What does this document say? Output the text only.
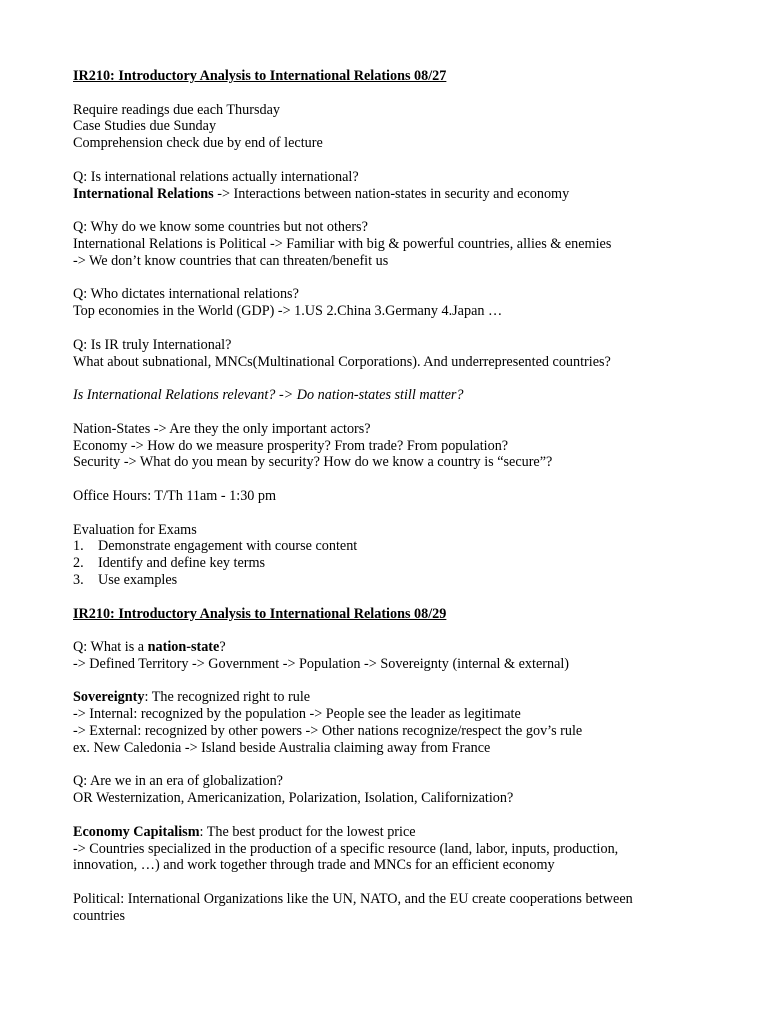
IR210: Introductory Analysis to International Relations 08/27
Require readings due each Thursday
Case Studies due Sunday
Comprehension check due by end of lecture
Q: Is international relations actually international?
International Relations -> Interactions between nation-states in security and economy
Q: Why do we know some countries but not others?
International Relations is Political -> Familiar with big & powerful countries, allies & enemies
-> We don’t know countries that can threaten/benefit us
Q: Who dictates international relations?
Top economies in the World (GDP) -> 1.US 2.China 3.Germany 4.Japan …
Q: Is IR truly International?
What about subnational, MNCs(Multinational Corporations). And underrepresented countries?
Is International Relations relevant? -> Do nation-states still matter?
Nation-States -> Are they the only important actors?
Economy -> How do we measure prosperity? From trade? From population?
Security -> What do you mean by security? How do we know a country is “secure”?
Office Hours: T/Th 11am - 1:30 pm
Evaluation for Exams
1. Demonstrate engagement with course content
2. Identify and define key terms
3. Use examples
IR210: Introductory Analysis to International Relations 08/29
Q: What is a nation-state?
-> Defined Territory -> Government -> Population -> Sovereignty (internal & external)
Sovereignty: The recognized right to rule
-> Internal: recognized by the population -> People see the leader as legitimate
-> External: recognized by other powers -> Other nations recognize/respect the gov’s rule
ex. New Caledonia -> Island beside Australia claiming away from France
Q: Are we in an era of globalization?
OR Westernization, Americanization, Polarization, Isolation, Californization?
Economy Capitalism: The best product for the lowest price
-> Countries specialized in the production of a specific resource (land, labor, inputs, production,
innovation, …) and work together through trade and MNCs for an efficient economy
Political: International Organizations like the UN, NATO, and the EU create cooperations between
countries
